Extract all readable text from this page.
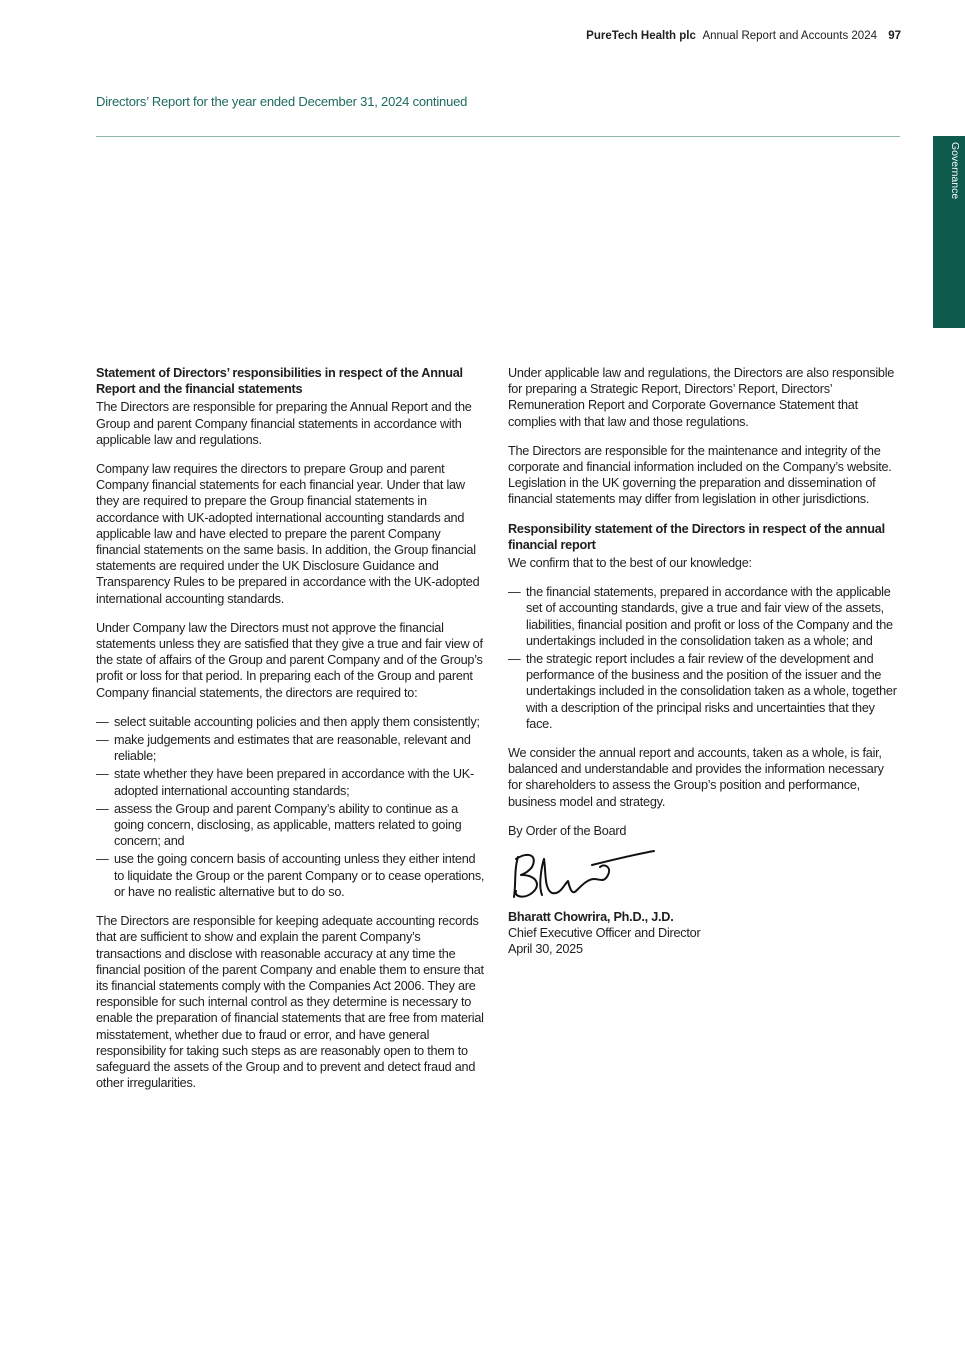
PureTech Health plc Annual Report and Accounts 2024 97
Directors’ Report for the year ended December 31, 2024 continued
Governance
Statement of Directors’ responsibilities in respect of the Annual Report and the financial statements

The Directors are responsible for preparing the Annual Report and the Group and parent Company financial statements in accordance with applicable law and regulations.

Company law requires the directors to prepare Group and parent Company financial statements for each financial year. Under that law they are required to prepare the Group financial statements in accordance with UK-adopted international accounting standards and applicable law and have elected to prepare the parent Company financial statements on the same basis. In addition, the Group financial statements are required under the UK Disclosure Guidance and Transparency Rules to be prepared in accordance with the UK-adopted international accounting standards.

Under Company law the Directors must not approve the financial statements unless they are satisfied that they give a true and fair view of the state of affairs of the Group and parent Company and of the Group’s profit or loss for that period. In preparing each of the Group and parent Company financial statements, the directors are required to:

— select suitable accounting policies and then apply them consistently;
— make judgements and estimates that are reasonable, relevant and reliable;
— state whether they have been prepared in accordance with the UK-adopted international accounting standards;
— assess the Group and parent Company’s ability to continue as a going concern, disclosing, as applicable, matters related to going concern; and
— use the going concern basis of accounting unless they either intend to liquidate the Group or the parent Company or to cease operations, or have no realistic alternative but to do so.

The Directors are responsible for keeping adequate accounting records that are sufficient to show and explain the parent Company’s transactions and disclose with reasonable accuracy at any time the financial position of the parent Company and enable them to ensure that its financial statements comply with the Companies Act 2006. They are responsible for such internal control as they determine is necessary to enable the preparation of financial statements that are free from material misstatement, whether due to fraud or error, and have general responsibility for taking such steps as are reasonably open to them to safeguard the assets of the Group and to prevent and detect fraud and other irregularities.

Under applicable law and regulations, the Directors are also responsible for preparing a Strategic Report, Directors’ Report, Directors’ Remuneration Report and Corporate Governance Statement that complies with that law and those regulations.

The Directors are responsible for the maintenance and integrity of the corporate and financial information included on the Company’s website. Legislation in the UK governing the preparation and dissemination of financial statements may differ from legislation in other jurisdictions.

Responsibility statement of the Directors in respect of the annual financial report

We confirm that to the best of our knowledge:

— the financial statements, prepared in accordance with the applicable set of accounting standards, give a true and fair view of the assets, liabilities, financial position and profit or loss of the Company and the undertakings included in the consolidation taken as a whole; and
— the strategic report includes a fair review of the development and performance of the business and the position of the issuer and the undertakings included in the consolidation taken as a whole, together with a description of the principal risks and uncertainties that they face.

We consider the annual report and accounts, taken as a whole, is fair, balanced and understandable and provides the information necessary for shareholders to assess the Group’s position and performance, business model and strategy.

By Order of the Board

Bharatt Chowrira, Ph.D., J.D.
Chief Executive Officer and Director
April 30, 2025
